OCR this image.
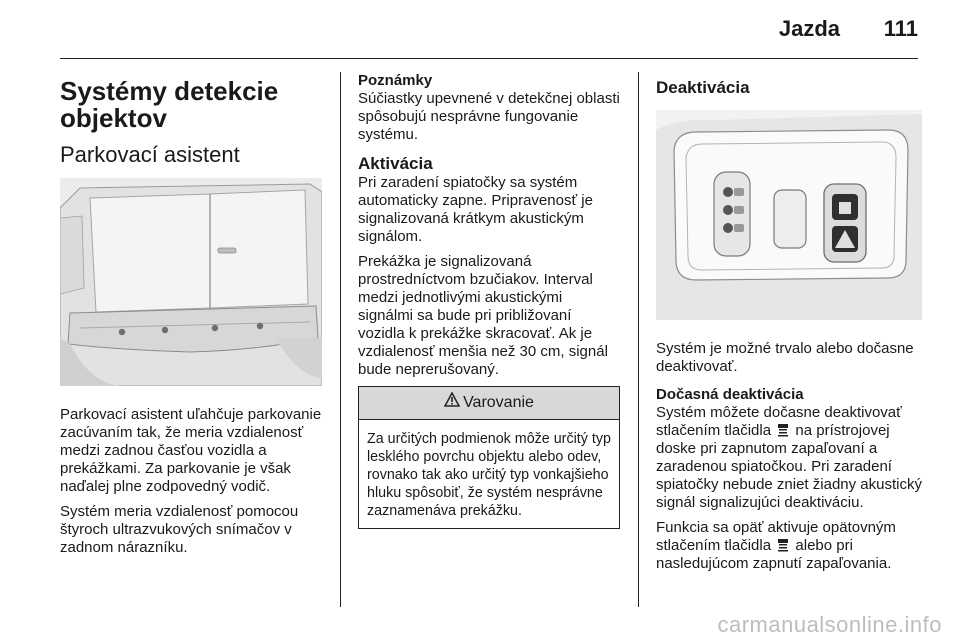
Jazda 111
Systémy detekcie objektov
Parkovací asistent

Parkovací asistent uľahčuje parkovanie zacúvaním tak, že meria vzdialenosť medzi zadnou časťou vozidla a prekážkami. Za parkovanie je však naďalej plne zodpovedný vodič.

Systém meria vzdialenosť pomocou štyroch ultrazvukových snímačov v zadnom nárazníku.

Poznámky

Súčiastky upevnené v detekčnej oblasti spôsobujú nesprávne fungovanie systému.

Aktivácia

Pri zaradení spiatočky sa systém automaticky zapne. Pripravenosť je signalizovaná krátkym akustickým signálom.

Prekážka je signalizovaná prostredníctvom bzučiakov. Interval medzi jednotlivými akustickými signálmi sa bude pri približovaní vozidla k prekážke skracovať. Ak je vzdialenosť menšia než 30 cm, signál bude neprerušovaný.

Varovanie
Za určitých podmienok môže určitý typ lesklého povrchu objektu alebo odev, rovnako tak ako určitý typ vonkajšieho hluku spôsobiť, že systém nesprávne zaznamenáva prekážku.
Deaktivácia

Systém je možné trvalo alebo dočasne deaktivovať.

Dočasná deaktivácia

Systém môžete dočasne deaktivovať stlačením tlačidla na prístrojovej doske pri zapnutom zapaľovaní a zaradenou spiatočkou. Pri zaradení spiatočky nebude zniet žiadny akustický signál signalizujúci deaktiváciu.

Funkcia sa opäť aktivuje opätovným stlačením tlačidla alebo pri nasledujúcom zapnutí zapaľovania.

carmanualsonline.info
